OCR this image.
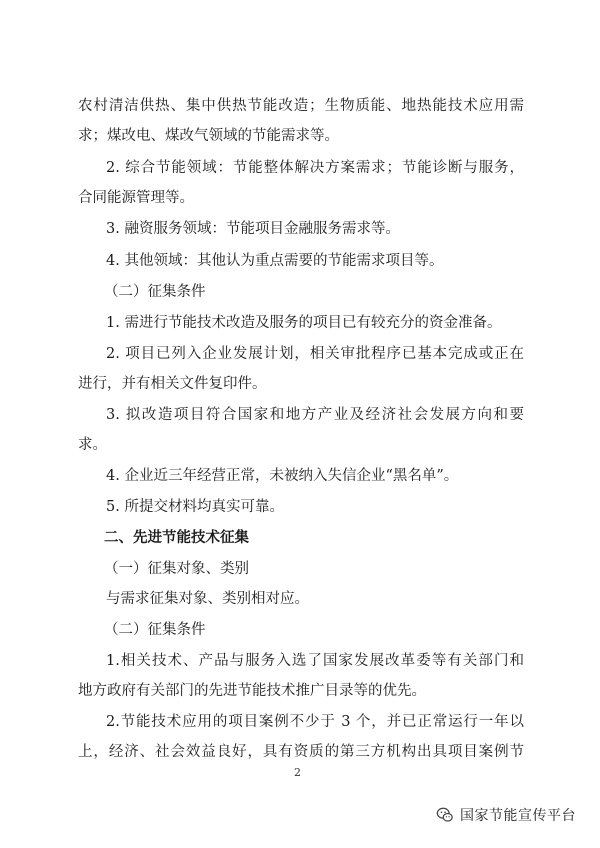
农村清洁供热、集中供热节能改造；生物质能、地热能技术应用需
求；煤改电、煤改气领域的节能需求等。
2. 综合节能领域：节能整体解决方案需求；节能诊断与服务，
合同能源管理等。
3. 融资服务领域：节能项目金融服务需求等。
4. 其他领域：其他认为重点需要的节能需求项目等。
（二）征集条件
1. 需进行节能技术改造及服务的项目已有较充分的资金准备。
2. 项目已列入企业发展计划，相关审批程序已基本完成或正在
进行，并有相关文件复印件。
3. 拟改造项目符合国家和地方产业及经济社会发展方向和要
求。
4. 企业近三年经营正常，未被纳入失信企业“黑名单”。
5. 所提交材料均真实可靠。
二、先进节能技术征集
（一）征集对象、类别
与需求征集对象、类别相对应。
（二）征集条件
1.相关技术、产品与服务入选了国家发展改革委等有关部门和
地方政府有关部门的先进节能技术推广目录等的优先。
2.节能技术应用的项目案例不少于 3 个，并已正常运行一年以
上，经济、社会效益良好，具有资质的第三方机构出具项目案例节
2
国家节能宣传平台
